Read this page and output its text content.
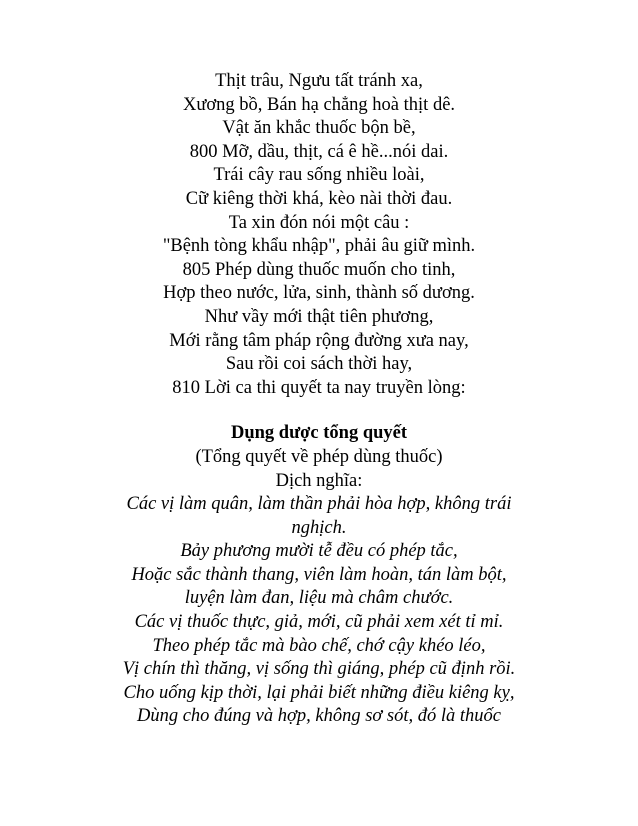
Thịt trâu, Ngưu tất tránh xa,
Xương bồ, Bán hạ chẳng hoà thịt dê.
Vật ăn khắc thuốc bộn bề,
800 Mỡ, dầu, thịt, cá ê hề...nói dai.
Trái cây rau sống nhiều loài,
Cữ kiêng thời khá, kèo nài thời đau.
Ta xin đón nói một câu :
"Bệnh tòng khẩu nhập", phải âu giữ mình.
805 Phép dùng thuốc muốn cho tinh,
Hợp theo nước, lửa, sinh, thành số dương.
Như vầy mới thật tiên phương,
Mới rằng tâm pháp rộng đường xưa nay,
Sau rồi coi sách thời hay,
810 Lời ca thi quyết ta nay truyền lòng:
Dụng dược tổng quyết
(Tổng quyết về phép dùng thuốc)
Dịch nghĩa:
Các vị làm quân, làm thần phải hòa hợp, không trái
nghịch.
Bảy phương mười tễ đều có phép tắc,
Hoặc sắc thành thang, viên làm hoàn, tán làm bột,
luyện làm đan, liệu mà châm chước.
Các vị thuốc thực, giả, mới, cũ phải xem xét tỉ mỉ.
Theo phép tắc mà bào chế, chớ cậy khéo léo,
Vị chín thì thăng, vị sống thì giáng, phép cũ định rồi.
Cho uống kịp thời, lại phải biết những điều kiêng kỵ,
Dùng cho đúng và hợp, không sơ sót, đó là thuốc
